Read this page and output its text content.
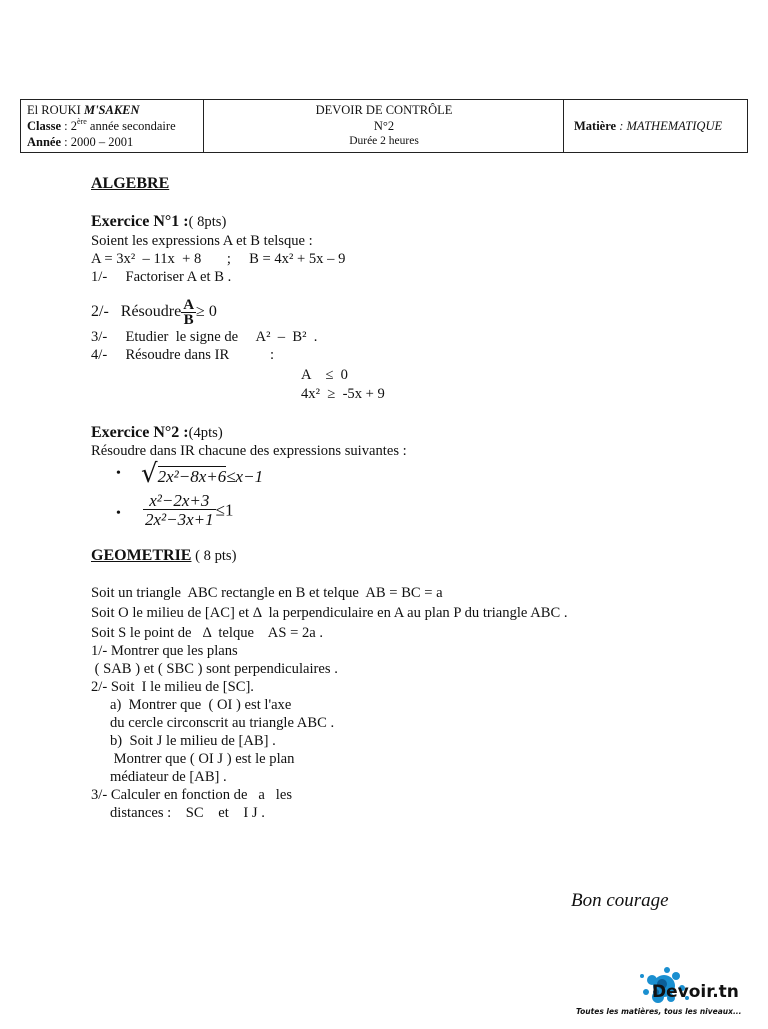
El ROUKI M'SAKEN
Classe : 2ère année secondaire
Année : 2000 – 2001
DEVOIR DE CONTRÔLE
N°2
Durée 2 heures
Matière : MATHEMATIQUE
ALGEBRE
Exercice N°1 :( 8pts)
Soient les expressions A et B telsque :
A = 3x²  – 11x  + 8       ;     B = 4x² + 5x – 9
1/-     Factoriser A et B .
2/-   Résoudre $\frac{A}{B} \ge 0$
3/-     Etudier  le signe de     A²  –  B²  .
4/-     Résoudre dans IR	:
A    ≤  0
4x²  ≥  -5x + 9
Exercice N°2 :(4pts)
Résoudre dans IR chacune des expressions suivantes :
• √2x²−8x+6≤x−1
• $\frac{\text{x²−2x+3}}{\text{2x²−3x+1}} \le 1$
GEOMETRIE ( 8 pts)
Soit un triangle  ABC rectangle en B et telque  AB = BC = a
Soit O le milieu de [AC] et Δ  la perpendiculaire en A au plan P du triangle ABC .
Soit S le point de   Δ  telque    AS = 2a .
1/- Montrer que les plans
( SAB ) et ( SBC ) sont perpendiculaires .
2/- Soit  I le milieu de [SC].
a)  Montrer que  ( OI ) est l'axe
du cercle circonscrit au triangle ABC .
b)  Soit J le milieu de [AB] .
Montrer que ( OI J ) est le plan
médiateur de [AB] .
3/- Calculer en fonction de   a   les
distances :    SC    et    I J .
Bon courage
Devoir.tn
Toutes les matières, tous les niveaux...
